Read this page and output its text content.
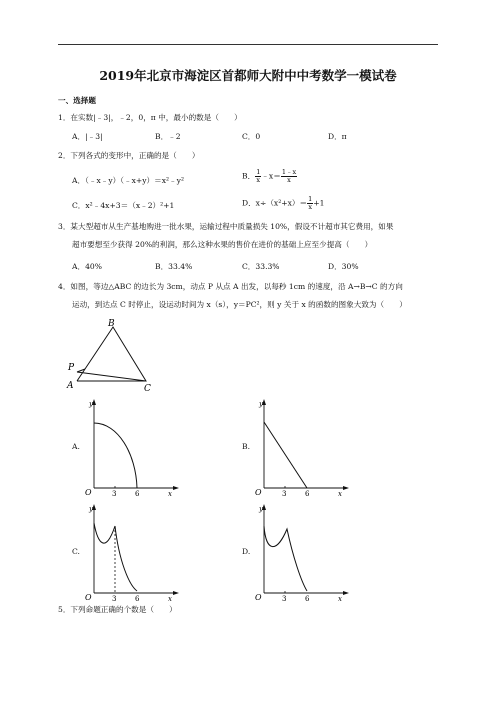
2019年北京市海淀区首都师大附中中考数学一模试卷
一、选择题
1．在实数|﹣3|，﹣2，0，π 中，最小的数是（　　）
A．|﹣3|	B．﹣2	C．0	D．π
2．下列各式的变形中，正确的是（　　）
A．（﹣x﹣y）（﹣x+y）＝x²﹣y²	B． $\frac{1}{x}$ ﹣x＝ $\frac{1﹣x}{x}$
C．x²﹣4x+3＝（x﹣2）²+1	D．$x\div(x^2+x)= \frac{1}{x} +1$
3．某大型超市从生产基地购进一批水果，运输过程中质量损失 10%，假设不计超市其它费用，如果
超市要想至少获得 20%的利润，那么这种水果的售价在进价的基础上应至少提高（　　）
A．40%	B．33.4%	C．33.3%	D．30%
4．如图，等边△ABC 的边长为 3cm，动点 P 从点 A 出发，以每秒 1cm 的速度，沿 A→B→C 的方向
运动，到达点 C 时停止，设运动时间为 x（s），y＝PC²，则 y 关于 x 的函数的图象大致为（　　）
B
P
A	C
A.
y
O	3	6	x
B.
y
O	3	6	x
C.
y
O	3	6	x
D.
y
O	3	6	x
5．下列命题正确的个数是（　　）
